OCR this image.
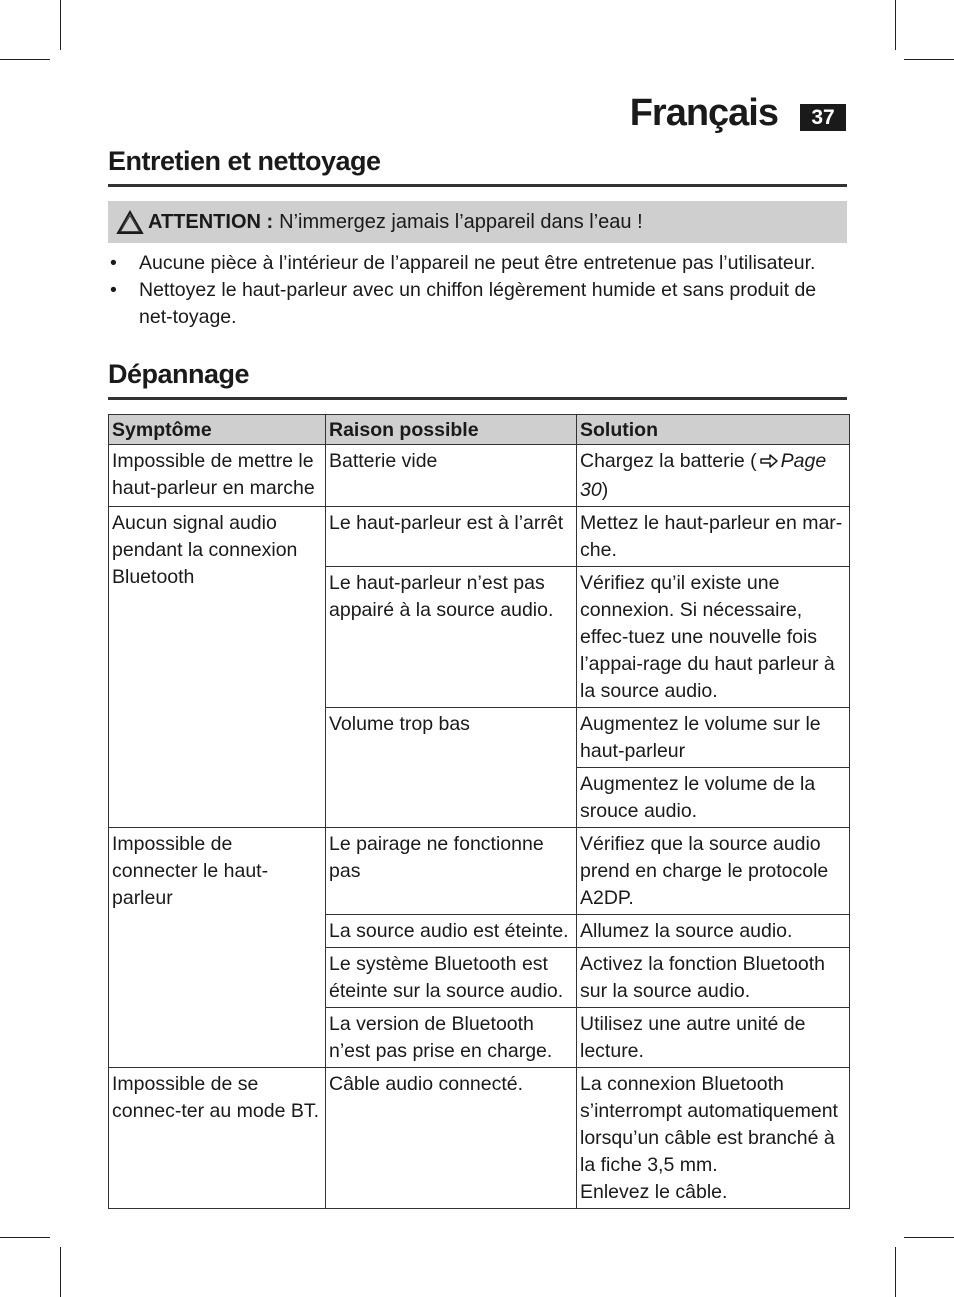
Français	37
Entretien et nettoyage
ATTENTION : N’immergez jamais l’appareil dans l’eau !
• Aucune pièce à l’intérieur de l’appareil ne peut être entretenue pas l’utilisateur.
• Nettoyez le haut-parleur avec un chiffon légèrement humide et sans produit de net-toyage.
Dépannage
Symptôme	Raison possible	Solution
Impossible de mettre le haut-parleur en marche	Batterie vide	Chargez la batterie ( Page 30)
Aucun signal audio pendant la connexion Bluetooth	Le haut-parleur est à l’arrêt	Mettez le haut-parleur en mar-che.
	Le haut-parleur n’est pas appairé à la source audio.	Vérifiez qu’il existe une connexion. Si nécessaire, effec-tuez une nouvelle fois l’appai-rage du haut parleur à la source audio.
	Volume trop bas	Augmentez le volume sur le haut-parleur
		Augmentez le volume de la srouce audio.
Impossible de connecter le haut-parleur	Le pairage ne fonctionne pas	Vérifiez que la source audio prend en charge le protocole A2DP.
	La source audio est éteinte.	Allumez la source audio.
	Le système Bluetooth est éteinte sur la source audio.	Activez la fonction Bluetooth sur la source audio.
	La version de Bluetooth n’est pas prise en charge.	Utilisez une autre unité de lecture.
Impossible de se connec-ter au mode BT.	Câble audio connecté.	La connexion Bluetooth s’interrompt automatiquement lorsqu’un câble est branché à la fiche 3,5 mm.
Enlevez le câble.
